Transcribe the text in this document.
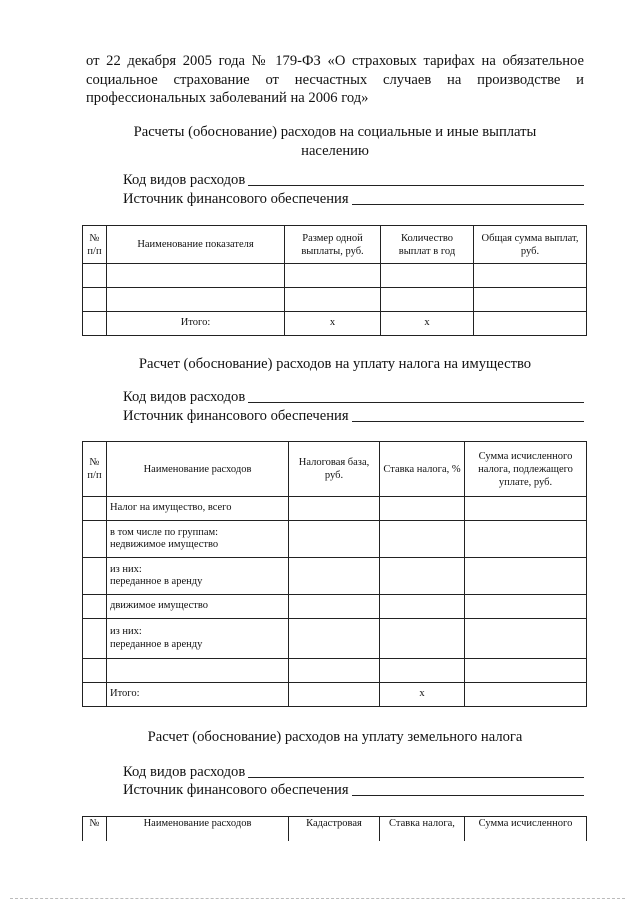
от 22 декабря 2005 года № 179-ФЗ «О страховых тарифах на обязательное
социальное страхование от несчастных случаев на производстве и
профессиональных заболеваний на 2006 год»
Расчеты (обоснование) расходов на социальные и иные выплаты
населению
Код видов расходов
Источник финансового обеспечения
№ п/п	Наименование показателя	Размер одной выплаты, руб.	Количество выплат в год	Общая сумма выплат, руб.

	Итого:	x	x	
Расчет (обоснование) расходов на уплату налога на имущество
Код видов расходов
Источник финансового обеспечения
№ п/п	Наименование расходов	Налоговая база, руб.	Ставка налога, %	Сумма исчисленного налога, подлежащего уплате, руб.
	Налог на имущество, всего			

	в том числе по группам:
недвижимое имущество			

	из них:
переданное в аренду			

	движимое имущество			

	из них:
переданное в аренду			

	Итого:		x	
Расчет (обоснование) расходов на уплату земельного налога
Код видов расходов
Источник финансового обеспечения
№	Наименование расходов	Кадастровая	Ставка налога,	Сумма исчисленного
